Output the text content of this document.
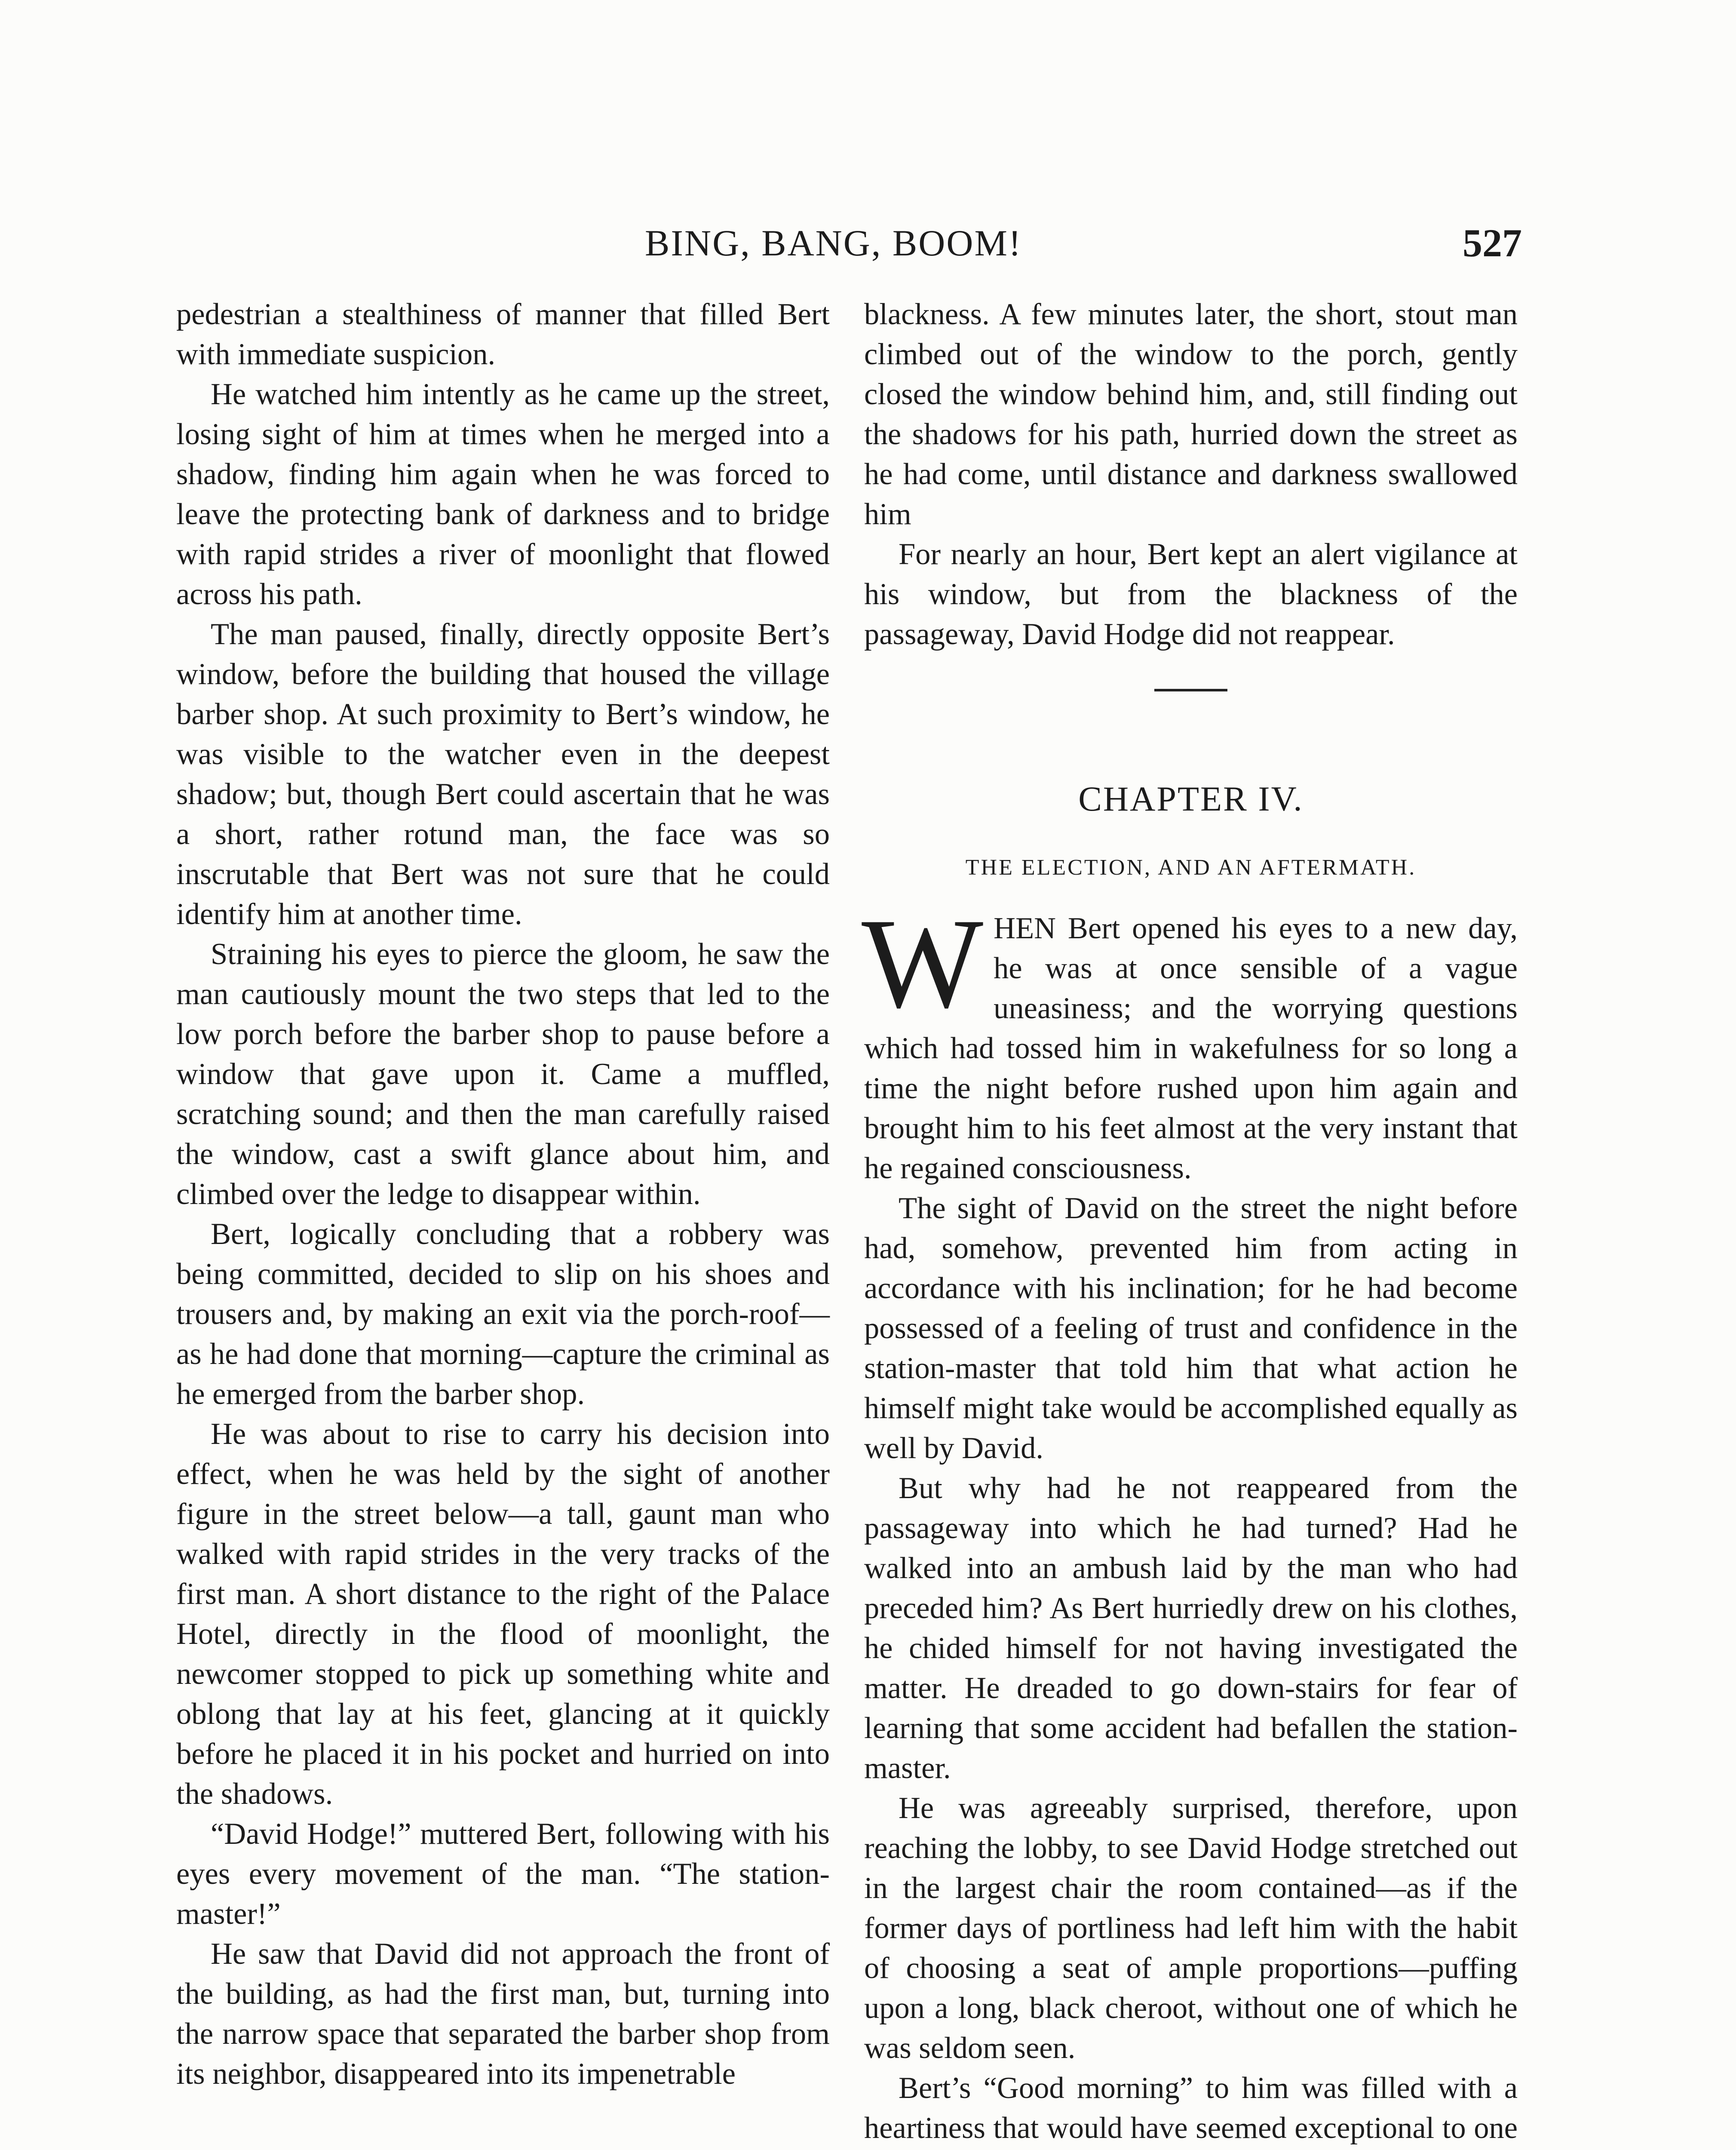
BING, BANG, BOOM!	527

pedestrian a stealthiness of manner that filled Bert with immediate suspicion.

He watched him intently as he came up the street, losing sight of him at times when he merged into a shadow, finding him again when he was forced to leave the protecting bank of darkness and to bridge with rapid strides a river of moonlight that flowed across his path.

The man paused, finally, directly opposite Bert’s window, before the building that housed the village barber shop. At such proximity to Bert’s window, he was visible to the watcher even in the deepest shadow; but, though Bert could ascertain that he was a short, rather rotund man, the face was so inscrutable that Bert was not sure that he could identify him at another time.

Straining his eyes to pierce the gloom, he saw the man cautiously mount the two steps that led to the low porch before the barber shop to pause before a window that gave upon it. Came a muffled, scratching sound; and then the man carefully raised the window, cast a swift glance about him, and climbed over the ledge to disappear within.

Bert, logically concluding that a robbery was being committed, decided to slip on his shoes and trousers and, by making an exit via the porch-roof—as he had done that morning—capture the criminal as he emerged from the barber shop.

He was about to rise to carry his decision into effect, when he was held by the sight of another figure in the street below—a tall, gaunt man who walked with rapid strides in the very tracks of the first man. A short distance to the right of the Palace Hotel, directly in the flood of moonlight, the newcomer stopped to pick up something white and oblong that lay at his feet, glancing at it quickly before he placed it in his pocket and hurried on into the shadows.

“David Hodge!” muttered Bert, following with his eyes every movement of the man. “The station-master!”

He saw that David did not approach the front of the building, as had the first man, but, turning into the narrow space that separated the barber shop from its neighbor, disappeared into its impenetrable

blackness. A few minutes later, the short, stout man climbed out of the window to the porch, gently closed the window behind him, and, still finding out the shadows for his path, hurried down the street as he had come, until distance and darkness swallowed him

For nearly an hour, Bert kept an alert vigilance at his window, but from the blackness of the passageway, David Hodge did not reappear.

CHAPTER IV.
THE ELECTION, AND AN AFTERMATH.

WHEN Bert opened his eyes to a new day, he was at once sensible of a vague uneasiness; and the worrying questions which had tossed him in wakefulness for so long a time the night before rushed upon him again and brought him to his feet almost at the very instant that he regained consciousness.

The sight of David on the street the night before had, somehow, prevented him from acting in accordance with his inclination; for he had become possessed of a feeling of trust and confidence in the station-master that told him that what action he himself might take would be accomplished equally as well by David.

But why had he not reappeared from the passageway into which he had turned? Had he walked into an ambush laid by the man who had preceded him? As Bert hurriedly drew on his clothes, he chided himself for not having investigated the matter. He dreaded to go down-stairs for fear of learning that some accident had befallen the station-master.

He was agreeably surprised, therefore, upon reaching the lobby, to see David Hodge stretched out in the largest chair the room contained—as if the former days of portliness had left him with the habit of choosing a seat of ample proportions—puffing upon a long, black cheroot, without one of which he was seldom seen.

Bert’s “Good morning” to him was filled with a heartiness that would have seemed exceptional to one
